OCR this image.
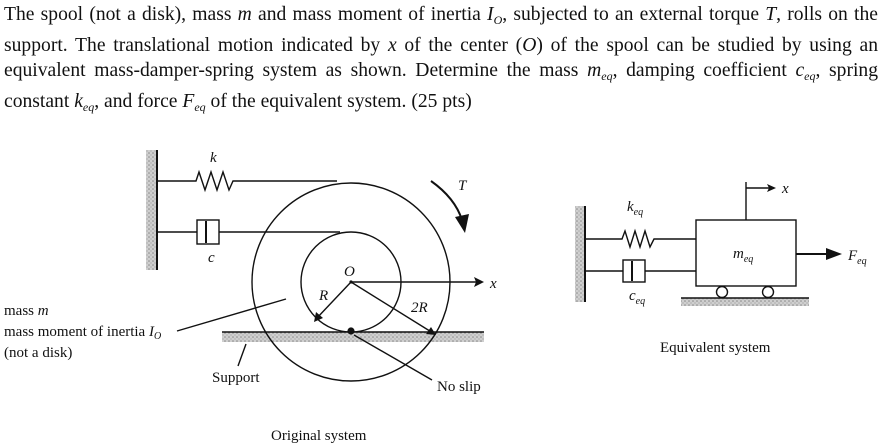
The spool (not a disk), mass m and mass moment of inertia $I_O$, subjected to an external torque T, rolls on the support. The translational motion indicated by x of the center (O) of the spool can be studied by using an equivalent mass-damper-spring system as shown. Determine the mass $m_{eq}$, damping coefficient $c_{eq}$, spring constant $k_{eq}$, and force $F_{eq}$ of the equivalent system. (25 pts)

k
c
O
R
2R
x
T
mass m
mass moment of inertia $I_O$
(not a disk)
Support
No slip
Original system
$k_{eq}$
$c_{eq}$
$m_{eq}$
x
$F_{eq}$
Equivalent system
